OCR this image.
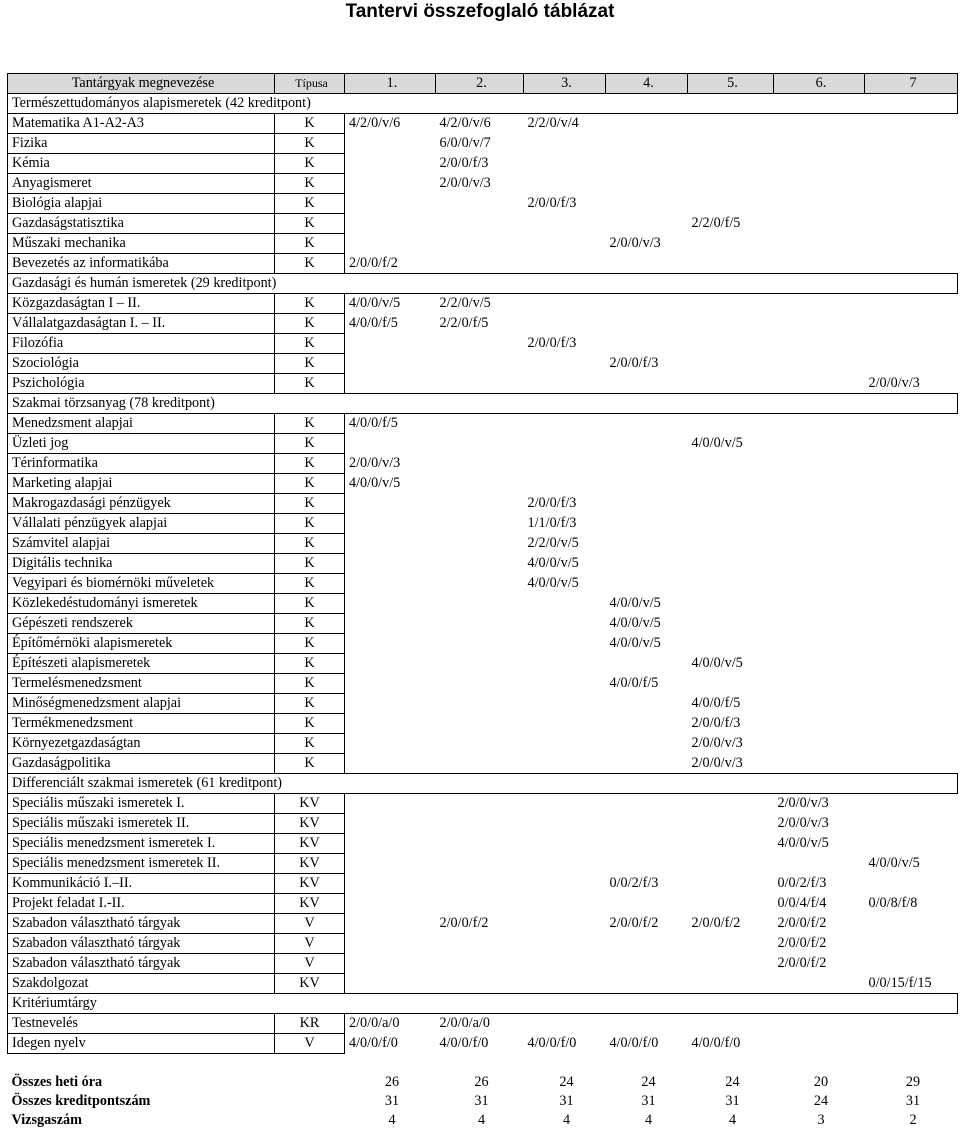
Tantervi összefoglaló táblázat
Tantárgyak megnevezése	Típusa	1.	2.	3.	4.	5.	6.	7
Természettudományos alapismeretek (42 kreditpont)								
Matematika A1-A2-A3	K	4/2/0/v/6	4/2/0/v/6	2/2/0/v/4				
Fizika	K		6/0/0/v/7					
Kémia	K		2/0/0/f/3					
Anyagismeret	K		2/0/0/v/3					
Biológia alapjai	K			2/0/0/f/3				
Gazdaságstatisztika	K					2/2/0/f/5		
Műszaki mechanika	K				2/0/0/v/3			
Bevezetés az informatikába	K	2/0/0/f/2						
Gazdasági és humán ismeretek (29 kreditpont)								
Közgazdaságtan I – II.	K	4/0/0/v/5	2/2/0/v/5					
Vállalatgazdaságtan I. – II.	K	4/0/0/f/5	2/2/0/f/5					
Filozófia	K			2/0/0/f/3				
Szociológia	K				2/0/0/f/3			
Pszichológia	K							2/0/0/v/3
Szakmai törzsanyag (78 kreditpont)								
Menedzsment alapjai	K	4/0/0/f/5						
Üzleti jog	K					4/0/0/v/5		
Térinformatika	K	2/0/0/v/3						
Marketing alapjai	K	4/0/0/v/5						
Makrogazdasági pénzügyek	K			2/0/0/f/3				
Vállalati pénzügyek alapjai	K			1/1/0/f/3				
Számvitel alapjai	K			2/2/0/v/5				
Digitális technika	K			4/0/0/v/5				
Vegyipari és biomérnöki műveletek	K			4/0/0/v/5				
Közlekedéstudományi ismeretek	K				4/0/0/v/5			
Gépészeti rendszerek	K				4/0/0/v/5			
Építőmérnöki alapismeretek	K				4/0/0/v/5			
Építészeti alapismeretek	K					4/0/0/v/5		
Termelésmenedzsment	K				4/0/0/f/5			
Minőségmenedzsment alapjai	K					4/0/0/f/5		
Termékmenedzsment	K					2/0/0/f/3		
Környezetgazdaságtan	K					2/0/0/v/3		
Gazdaságpolitika	K					2/0/0/v/3		
Differenciált szakmai ismeretek (61 kreditpont)								
Speciális műszaki ismeretek I.	KV						2/0/0/v/3	
Speciális műszaki ismeretek II.	KV						2/0/0/v/3	
Speciális menedzsment ismeretek I.	KV						4/0/0/v/5	
Speciális menedzsment ismeretek II.	KV							4/0/0/v/5
Kommunikáció I.–II.	KV				0/0/2/f/3		0/0/2/f/3	
Projekt feladat I.-II.	KV						0/0/4/f/4	0/0/8/f/8
Szabadon választható tárgyak	V		2/0/0/f/2		2/0/0/f/2	2/0/0/f/2	2/0/0/f/2	
Szabadon választható tárgyak	V						2/0/0/f/2	
Szabadon választható tárgyak	V						2/0/0/f/2	
Szakdolgozat	KV							0/0/15/f/15
Kritériumtárgy								
Testnevelés	KR	2/0/0/a/0	2/0/0/a/0					
Idegen nyelv	V	4/0/0/f/0	4/0/0/f/0	4/0/0/f/0	4/0/0/f/0	4/0/0/f/0		

Összes heti óra		26	26	24	24	24	20	29
Összes kreditpontszám		31	31	31	31	31	24	31
Vizsgaszám		4	4	4	4	4	3	2
